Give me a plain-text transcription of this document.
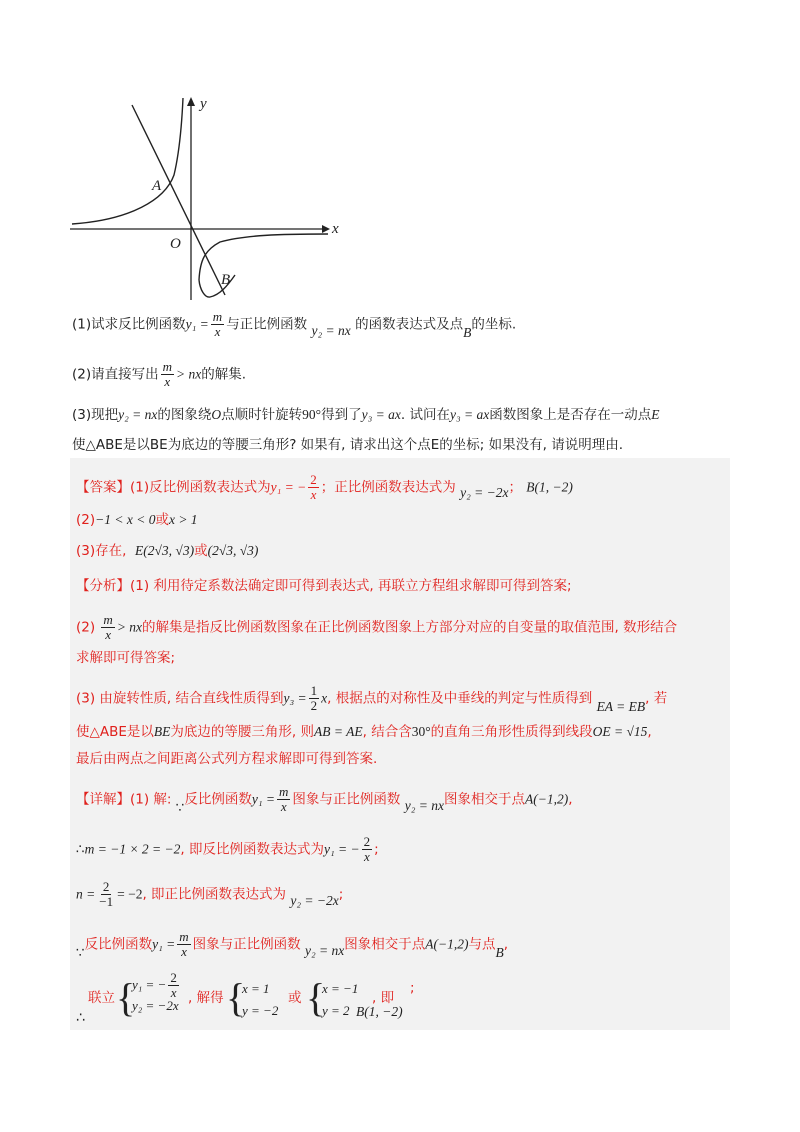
y
x
O
A
B
(1)试求反比例函数$y_1 = \frac{m}{x}$ 与正比例函数 y₂ = nx 的函数表达式及点B的坐标.
(2)请直接写出 $\frac{m}{x}$ > nx的解集.
(3)现把y₂ = nx的图象绕O点顺时针旋转90°得到了y₃ = ax. 试问在y₃ = ax函数图象上是否存在一动点E
使△ABE是以BE为底边的等腰三角形? 如果有, 请求出这个点E的坐标; 如果没有, 请说明理由.
【答案】(1)反比例函数表达式为y₁ = − $\frac{2}{x}$ ；正比例函数表达式为 y₂ = −2x； B(1, −2)
(2)−1 < x < 0或x > 1
(3)存在, E(2√3, √3)或(2√3, √3)
【分析】(1) 利用待定系数法确定即可得到表达式, 再联立方程组求解即可得到答案;
$(2) \frac{m}{x}$ > nx的解集是指反比例函数图象在正比例函数图象上方部分对应的自变量的取值范围, 数形结合
求解即可得答案;
(3) 由旋转性质, 结合直线性质得到$y_3 = \frac{1}{2} x$, 根据点的对称性及中垂线的判定与性质得到 EA = EB, 若
使△ABE是以BE为底边的等腰三角形, 则AB = AE, 结合含30°的直角三角形性质得到线段OE = √15,
最后由两点之间距离公式列方程求解即可得到答案.
【详解】(1) 解: ∵反比例函数$y_1 = \frac{m}{x}$ 图象与正比例函数 y₂ = nx图象相交于点A(−1,2),
∴m = −1 × 2 = −2, 即反比例函数表达式为y₁ = − $\frac{2}{x}$ ;
$n = \frac{2}{-1} = -2$, 即正比例函数表达式为 y₂ = −2x;
∵反比例函数$y_1 = \frac{m}{x}$ 图象与正比例函数 y₂ = nx图象相交于点A(−1,2)与点B,
∴
联立 {
y₁ = − $\frac{2}{x}$
y₂ = −2x , 解得 {
x = 1
y = −2
或 {
x = −1
y = 2
, 即
B(1, −2)
;
